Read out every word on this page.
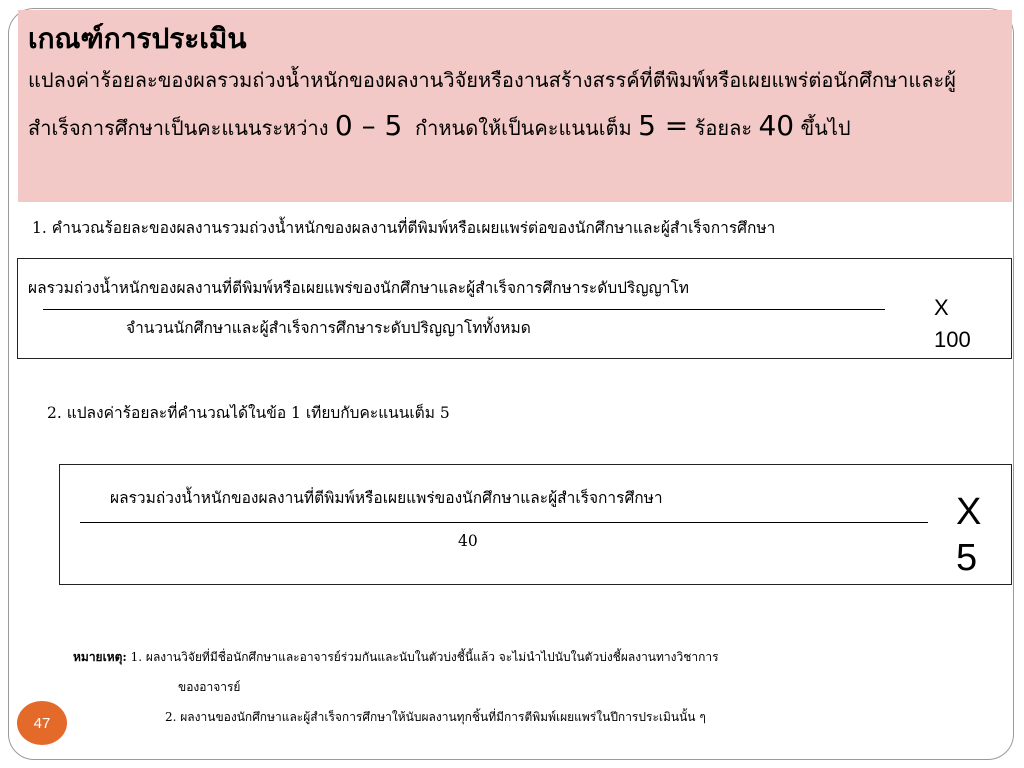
เกณฑ์การประเมิน

แปลงค่าร้อยละของผลรวมถ่วงน้ำหนักของผลงานวิจัยหรืองานสร้างสรรค์ที่ตีพิมพ์หรือเผยแพร่ต่อนักศึกษาและผู้สำเร็จการศึกษาเป็นคะแนนระหว่าง 0 – 5 กำหนดให้เป็นคะแนนเต็ม 5 = ร้อยละ 40 ขึ้นไป

1. คำนวณร้อยละของผลงานรวมถ่วงน้ำหนักของผลงานที่ตีพิมพ์หรือเผยแพร่ต่อของนักศึกษาและผู้สำเร็จการศึกษา
ผลรวมถ่วงน้ำหนักของผลงานที่ตีพิมพ์หรือเผยแพร่ของนักศึกษาและผู้สำเร็จการศึกษาระดับปริญญาโท
จำนวนนักศึกษาและผู้สำเร็จการศึกษาระดับปริญญาโททั้งหมด
X
100
2. แปลงค่าร้อยละที่คำนวณได้ในข้อ 1 เทียบกับคะแนนเต็ม 5
ผลรวมถ่วงน้ำหนักของผลงานที่ตีพิมพ์หรือเผยแพร่ของนักศึกษาและผู้สำเร็จการศึกษา
40
X
5
หมายเหตุ: 1. ผลงานวิจัยที่มีชื่อนักศึกษาและอาจารย์ร่วมกันและนับในตัวบ่งชี้นี้แล้ว จะไม่นำไปนับในตัวบ่งชี้ผลงานทางวิชาการ
ของอาจารย์
2. ผลงานของนักศึกษาและผู้สำเร็จการศึกษาให้นับผลงานทุกชิ้นที่มีการตีพิมพ์เผยแพร่ในปีการประเมินนั้น ๆ
47
